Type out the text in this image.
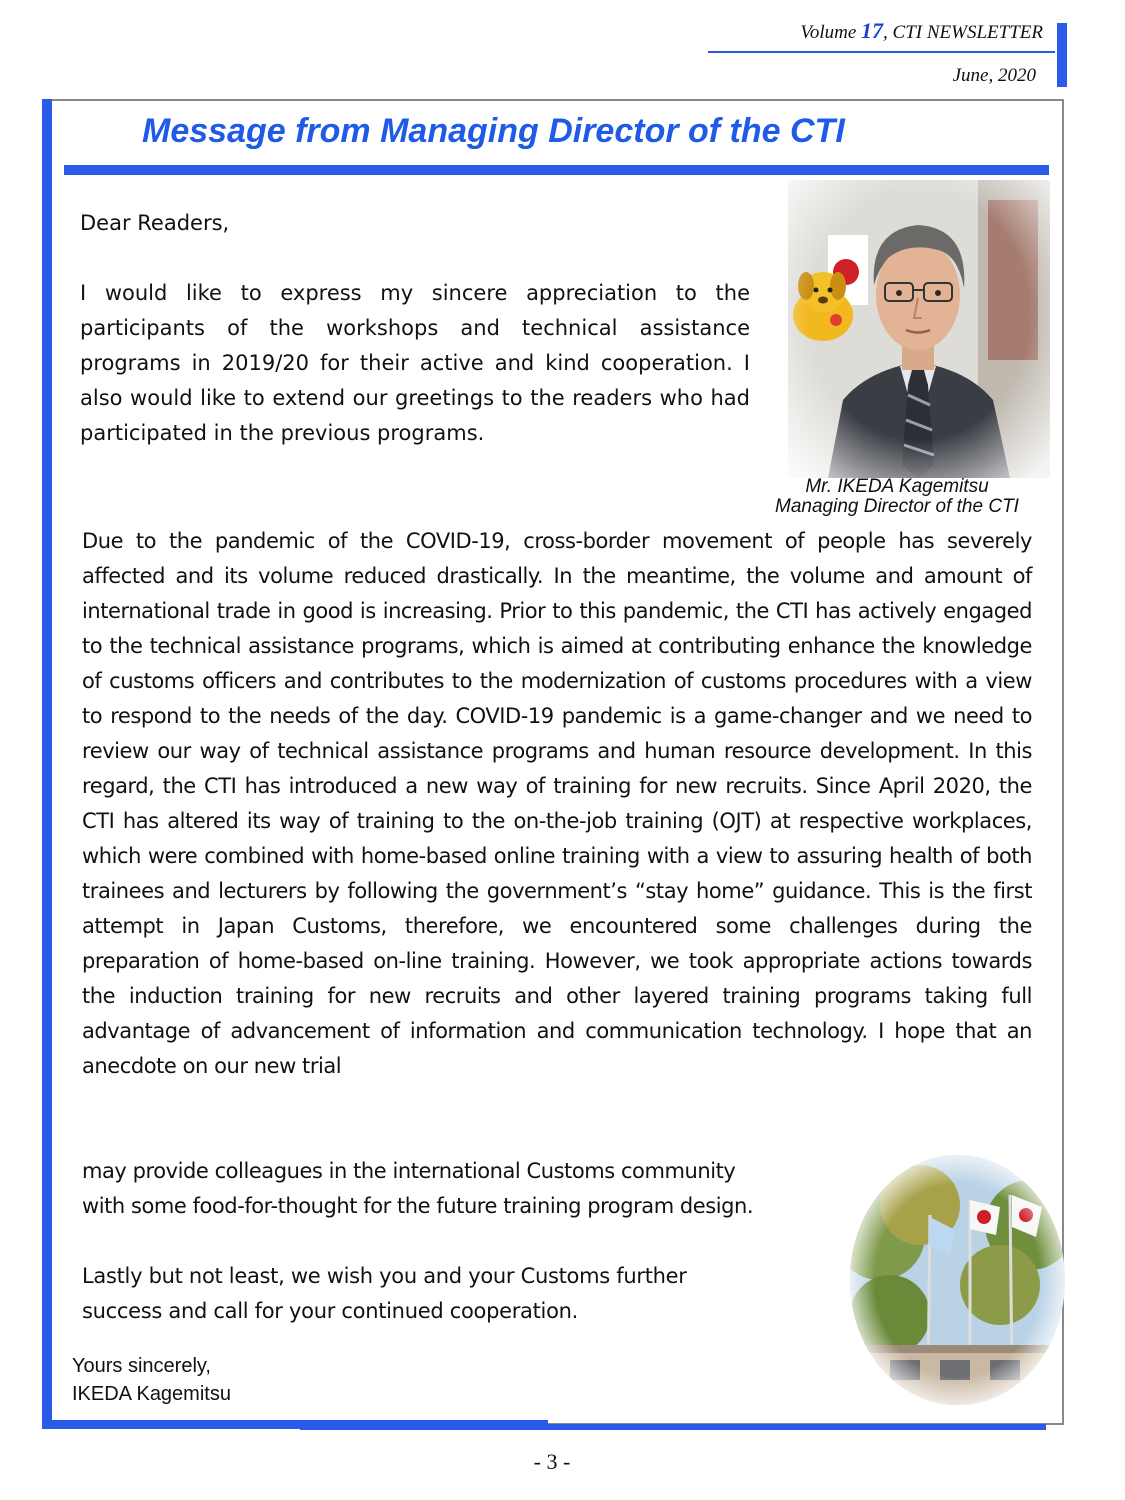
Volume 17, CTI NEWSLETTER
June, 2020
Message from Managing Director of the CTI
Mr. IKEDA Kagemitsu
Managing Director of the CTI

Dear Readers,

I would like to express my sincere appreciation to the participants of the workshops and technical assistance programs in 2019/20 for their active and kind cooperation. I also would like to extend our greetings to the readers who had participated in the previous programs.

Due to the pandemic of the COVID-19, cross-border movement of people has severely affected and its volume reduced drastically. In the meantime, the volume and amount of international trade in good is increasing. Prior to this pandemic, the CTI has actively engaged to the technical assistance programs, which is aimed at contributing enhance the knowledge of customs officers and contributes to the modernization of customs procedures with a view to respond to the needs of the day. COVID-19 pandemic is a game-changer and we need to review our way of technical assistance programs and human resource development. In this regard, the CTI has introduced a new way of training for new recruits. Since April 2020, the CTI has altered its way of training to the on-the-job training (OJT) at respective workplaces, which were combined with home-based online training with a view to assuring health of both trainees and lecturers by following the government’s “stay home” guidance. This is the first attempt in Japan Customs, therefore, we encountered some challenges during the preparation of home-based on-line training. However, we took appropriate actions towards the induction training for new recruits and other layered training programs taking full advantage of advancement of information and communication technology. I hope that an anecdote on our new trial

may provide colleagues in the international Customs community
with some food-for-thought for the future training program design.
Lastly but not least, we wish you and your Customs further
success and call for your continued cooperation.
Yours sincerely,
IKEDA Kagemitsu
- 3 -
